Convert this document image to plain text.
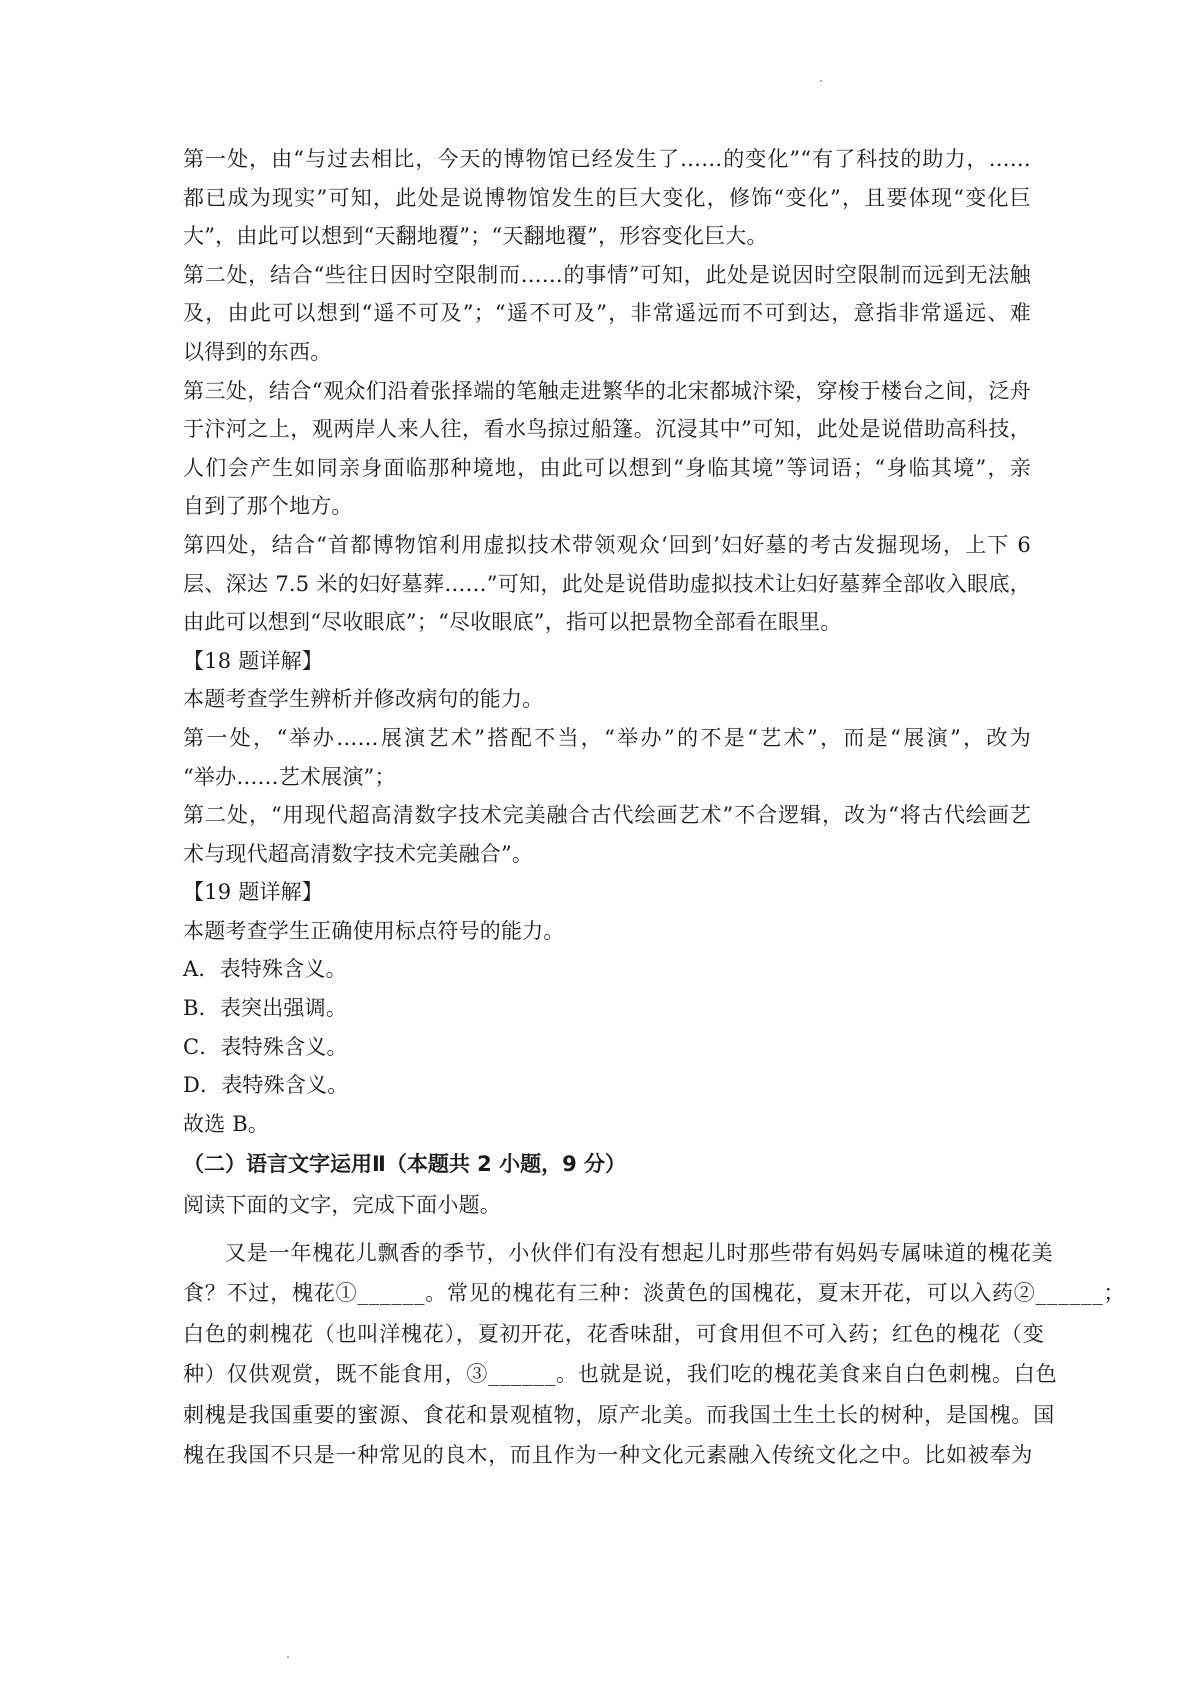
第一处，由“与过去相比，今天的博物馆已经发生了……的变化”“有了科技的助力，……
都已成为现实”可知，此处是说博物馆发生的巨大变化，修饰“变化”，且要体现“变化巨
大”，由此可以想到“天翻地覆”；“天翻地覆”，形容变化巨大。
第二处，结合“些往日因时空限制而……的事情”可知，此处是说因时空限制而远到无法触
及，由此可以想到“遥不可及”；“遥不可及”，非常遥远而不可到达，意指非常遥远、难
以得到的东西。
第三处，结合“观众们沿着张择端的笔触走进繁华的北宋都城汴梁，穿梭于楼台之间，泛舟
于汴河之上，观两岸人来人往，看水鸟掠过船篷。沉浸其中”可知，此处是说借助高科技，
人们会产生如同亲身面临那种境地，由此可以想到“身临其境”等词语；“身临其境”，亲
自到了那个地方。
第四处，结合“首都博物馆利用虚拟技术带领观众‘回到’妇好墓的考古发掘现场，上下 6
层、深达 7.5 米的妇好墓葬……”可知，此处是说借助虚拟技术让妇好墓葬全部收入眼底，
由此可以想到“尽收眼底”；“尽收眼底”，指可以把景物全部看在眼里。
【18 题详解】
本题考查学生辨析并修改病句的能力。
第一处，“举办……展演艺术”搭配不当，“举办”的不是“艺术”，而是“展演”，改为
“举办……艺术展演”；
第二处，“用现代超高清数字技术完美融合古代绘画艺术”不合逻辑，改为“将古代绘画艺
术与现代超高清数字技术完美融合”。
【19 题详解】
本题考查学生正确使用标点符号的能力。
A．表特殊含义。
B．表突出强调。
C．表特殊含义。
D．表特殊含义。
故选 B。
（二）语言文字运用Ⅱ（本题共 2 小题，9 分）
阅读下面的文字，完成下面小题。
又是一年槐花儿飘香的季节，小伙伴们有没有想起儿时那些带有妈妈专属味道的槐花美
食？不过，槐花①______。常见的槐花有三种：淡黄色的国槐花，夏末开花，可以入药②______；
白色的刺槐花（也叫洋槐花），夏初开花，花香味甜，可食用但不可入药；红色的槐花（变
种）仅供观赏，既不能食用，③______。也就是说，我们吃的槐花美食来自白色刺槐。白色
刺槐是我国重要的蜜源、食花和景观植物，原产北美。而我国土生土长的树种，是国槐。国
槐在我国不只是一种常见的良木，而且作为一种文化元素融入传统文化之中。比如被奉为
